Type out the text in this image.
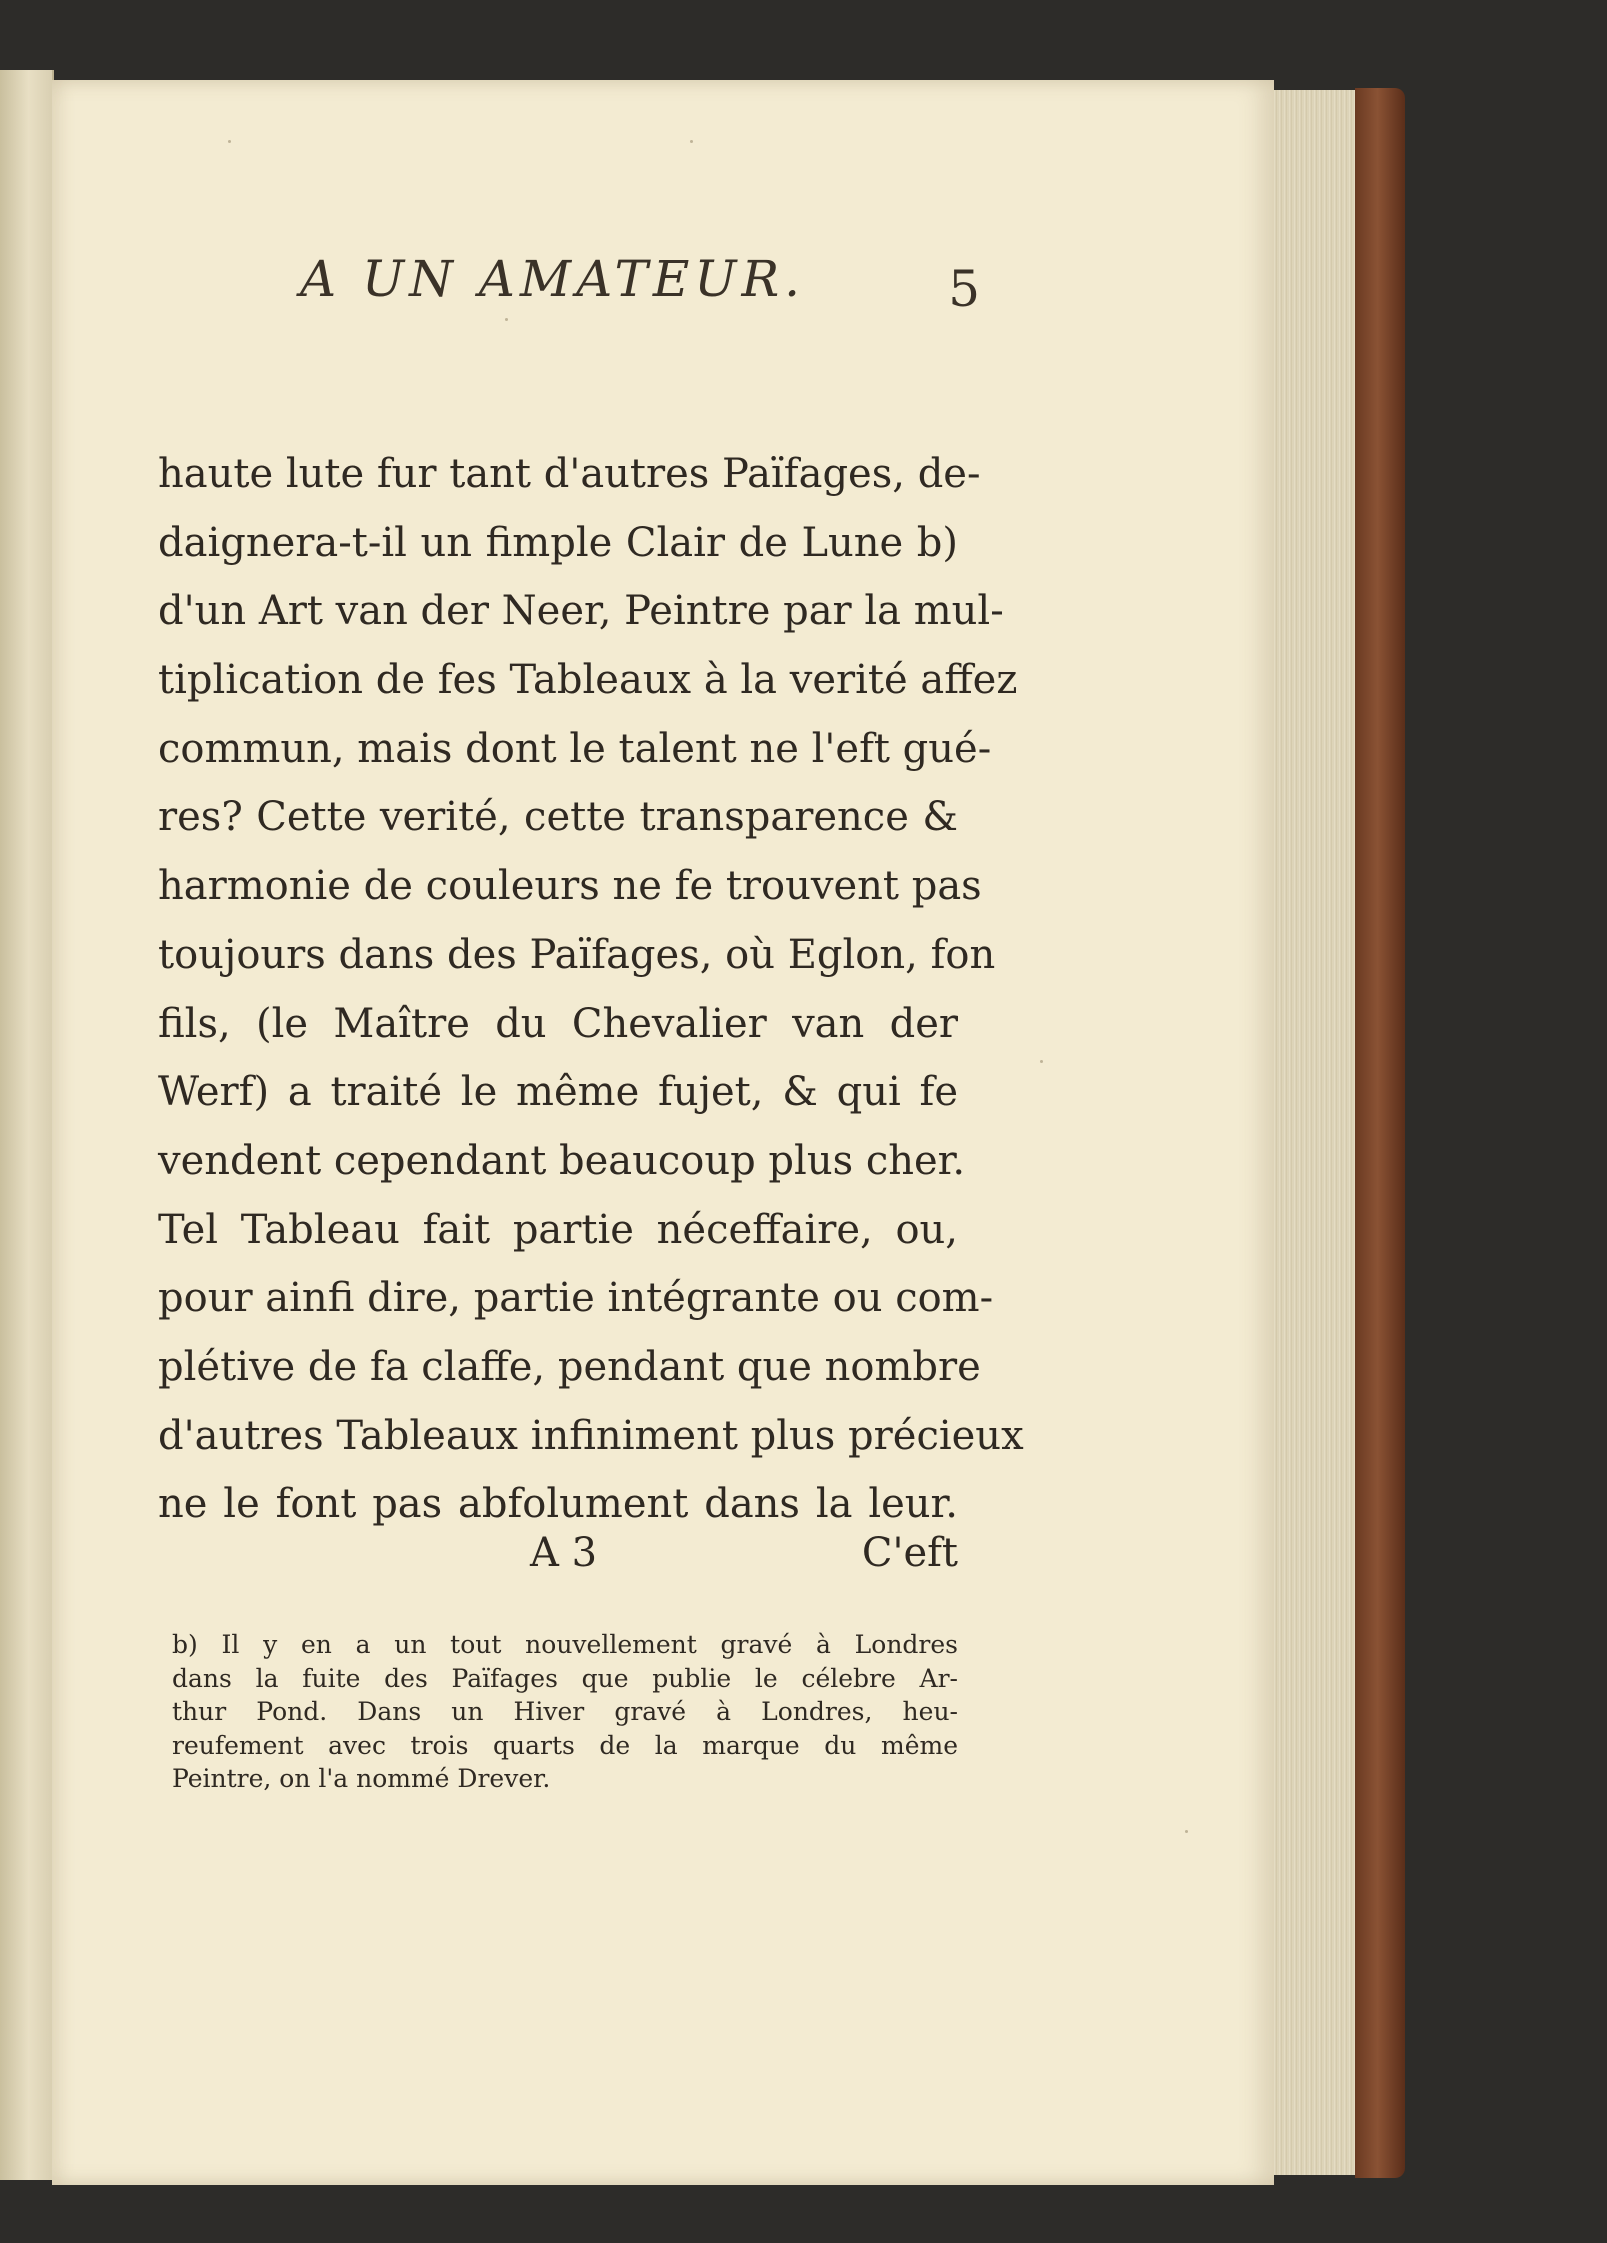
A UN AMATEUR.	5
haute lute fur tant d'autres Païfages, de-
daignera-t-il un fimple Clair de Lune b)
d'un Art van der Neer, Peintre par la mul-
tiplication de fes Tableaux à la verité affez
commun, mais dont le talent ne l'eft gué-
res? Cette verité, cette transparence &
harmonie de couleurs ne fe trouvent pas
toujours dans des Païfages, où Eglon, fon
fils, (le Maître du Chevalier van der
Werf) a traité le même fujet, & qui fe
vendent cependant beaucoup plus cher.
Tel Tableau fait partie néceffaire, ou,
pour ainfi dire, partie intégrante ou com-
plétive de fa claffe, pendant que nombre
d'autres Tableaux infiniment plus précieux
ne le font pas abfolument dans la leur.
A 3	C'eft
b) Il y en a un tout nouvellement gravé à Londres
dans la fuite des Païfages que publie le célebre Ar-
thur Pond. Dans un Hiver gravé à Londres, heu-
reufement avec trois quarts de la marque du même
Peintre, on l'a nommé Drever.
